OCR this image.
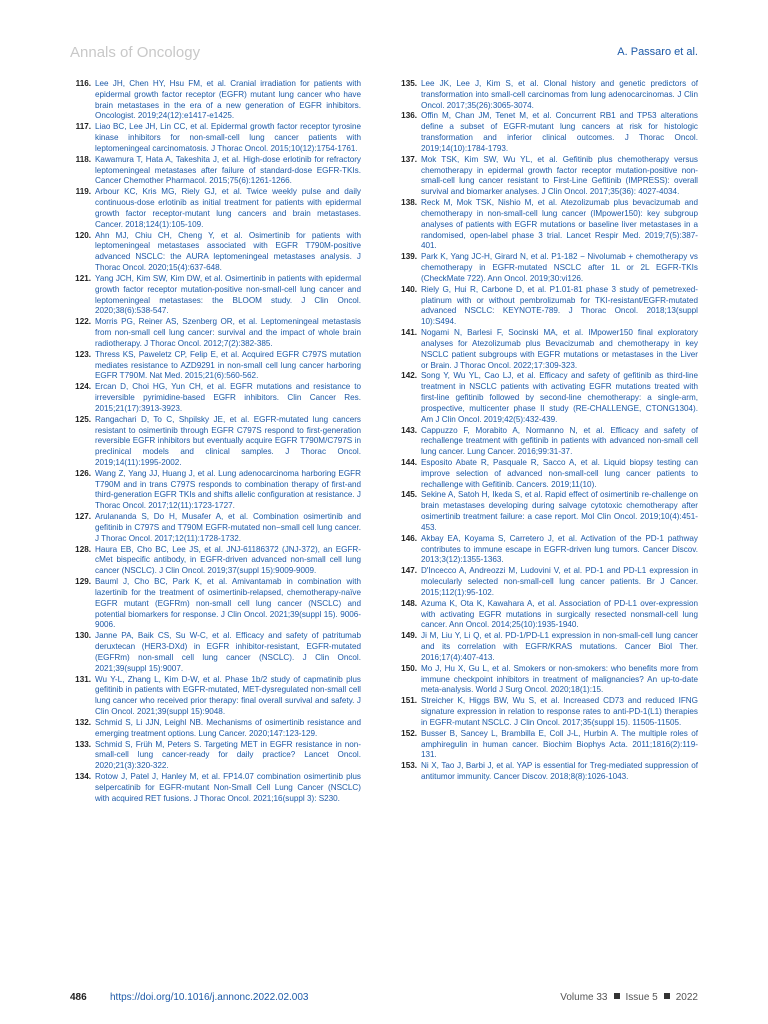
Annals of Oncology	A. Passaro et al.
116. Lee JH, Chen HY, Hsu FM, et al. Cranial irradiation for patients with epidermal growth factor receptor (EGFR) mutant lung cancer who have brain metastases in the era of a new generation of EGFR inhibitors. Oncologist. 2019;24(12):e1417-e1425.
117. Liao BC, Lee JH, Lin CC, et al. Epidermal growth factor receptor tyrosine kinase inhibitors for non-small-cell lung cancer patients with leptomeningeal carcinomatosis. J Thorac Oncol. 2015;10(12):1754-1761.
118. Kawamura T, Hata A, Takeshita J, et al. High-dose erlotinib for refractory leptomeningeal metastases after failure of standard-dose EGFR-TKIs. Cancer Chemother Pharmacol. 2015;75(6):1261-1266.
119. Arbour KC, Kris MG, Riely GJ, et al. Twice weekly pulse and daily continuous-dose erlotinib as initial treatment for patients with epidermal growth factor receptor-mutant lung cancers and brain metastases. Cancer. 2018;124(1):105-109.
120. Ahn MJ, Chiu CH, Cheng Y, et al. Osimertinib for patients with leptomeningeal metastases associated with EGFR T790M-positive advanced NSCLC: the AURA leptomeningeal metastases analysis. J Thorac Oncol. 2020;15(4):637-648.
121. Yang JCH, Kim SW, Kim DW, et al. Osimertinib in patients with epidermal growth factor receptor mutation-positive non-small-cell lung cancer and leptomeningeal metastases: the BLOOM study. J Clin Oncol. 2020;38(6):538-547.
122. Morris PG, Reiner AS, Szenberg OR, et al. Leptomeningeal metastasis from non-small cell lung cancer: survival and the impact of whole brain radiotherapy. J Thorac Oncol. 2012;7(2):382-385.
123. Thress KS, Paweletz CP, Felip E, et al. Acquired EGFR C797S mutation mediates resistance to AZD9291 in non-small cell lung cancer harboring EGFR T790M. Nat Med. 2015;21(6):560-562.
124. Ercan D, Choi HG, Yun CH, et al. EGFR mutations and resistance to irreversible pyrimidine-based EGFR inhibitors. Clin Cancer Res. 2015;21(17):3913-3923.
125. Rangachari D, To C, Shpilsky JE, et al. EGFR-mutated lung cancers resistant to osimertinib through EGFR C797S respond to first-generation reversible EGFR inhibitors but eventually acquire EGFR T790M/C797S in preclinical models and clinical samples. J Thorac Oncol. 2019;14(11):1995-2002.
126. Wang Z, Yang JJ, Huang J, et al. Lung adenocarcinoma harboring EGFR T790M and in trans C797S responds to combination therapy of first-and third-generation EGFR TKIs and shifts allelic configuration at resistance. J Thorac Oncol. 2017;12(11):1723-1727.
127. Arulananda S, Do H, Musafer A, et al. Combination osimertinib and gefitinib in C797S and T790M EGFR-mutated non−small cell lung cancer. J Thorac Oncol. 2017;12(11):1728-1732.
128. Haura EB, Cho BC, Lee JS, et al. JNJ-61186372 (JNJ-372), an EGFR-cMet bispecific antibody, in EGFR-driven advanced non-small cell lung cancer (NSCLC). J Clin Oncol. 2019;37(suppl 15):9009-9009.
129. Bauml J, Cho BC, Park K, et al. Amivantamab in combination with lazertinib for the treatment of osimertinib-relapsed, chemotherapy-naïve EGFR mutant (EGFRm) non-small cell lung cancer (NSCLC) and potential biomarkers for response. J Clin Oncol. 2021;39(suppl 15). 9006-9006.
130. Janne PA, Baik CS, Su W-C, et al. Efficacy and safety of patritumab deruxtecan (HER3-DXd) in EGFR inhibitor-resistant, EGFR-mutated (EGFRm) non-small cell lung cancer (NSCLC). J Clin Oncol. 2021;39(suppl 15):9007.
131. Wu Y-L, Zhang L, Kim D-W, et al. Phase 1b/2 study of capmatinib plus gefitinib in patients with EGFR-mutated, MET-dysregulated non-small cell lung cancer who received prior therapy: final overall survival and safety. J Clin Oncol. 2021;39(suppl 15):9048.
132. Schmid S, Li JJN, Leighl NB. Mechanisms of osimertinib resistance and emerging treatment options. Lung Cancer. 2020;147:123-129.
133. Schmid S, Früh M, Peters S. Targeting MET in EGFR resistance in non-small-cell lung cancer-ready for daily practice? Lancet Oncol. 2020;21(3):320-322.
134. Rotow J, Patel J, Hanley M, et al. FP14.07 combination osimertinib plus selpercatinib for EGFR-mutant Non-Small Cell Lung Cancer (NSCLC) with acquired RET fusions. J Thorac Oncol. 2021;16(suppl 3): S230.
135. Lee JK, Lee J, Kim S, et al. Clonal history and genetic predictors of transformation into small-cell carcinomas from lung adenocarcinomas. J Clin Oncol. 2017;35(26):3065-3074.
136. Offin M, Chan JM, Tenet M, et al. Concurrent RB1 and TP53 alterations define a subset of EGFR-mutant lung cancers at risk for histologic transformation and inferior clinical outcomes. J Thorac Oncol. 2019;14(10):1784-1793.
137. Mok TSK, Kim SW, Wu YL, et al. Gefitinib plus chemotherapy versus chemotherapy in epidermal growth factor receptor mutation-positive non-small-cell lung cancer resistant to First-Line Gefitinib (IMPRESS): overall survival and biomarker analyses. J Clin Oncol. 2017;35(36): 4027-4034.
138. Reck M, Mok TSK, Nishio M, et al. Atezolizumab plus bevacizumab and chemotherapy in non-small-cell lung cancer (IMpower150): key subgroup analyses of patients with EGFR mutations or baseline liver metastases in a randomised, open-label phase 3 trial. Lancet Respir Med. 2019;7(5):387-401.
139. Park K, Yang JC-H, Girard N, et al. P1-182 − Nivolumab + chemotherapy vs chemotherapy in EGFR-mutated NSCLC after 1L or 2L EGFR-TKIs (CheckMate 722). Ann Oncol. 2019;30:vi126.
140. Riely G, Hui R, Carbone D, et al. P1.01-81 phase 3 study of pemetrexed-platinum with or without pembrolizumab for TKI-resistant/EGFR-mutated advanced NSCLC: KEYNOTE-789. J Thorac Oncol. 2018;13(suppl 10):S494.
141. Nogami N, Barlesi F, Socinski MA, et al. IMpower150 final exploratory analyses for Atezolizumab plus Bevacizumab and chemotherapy in key NSCLC patient subgroups with EGFR mutations or metastases in the Liver or Brain. J Thorac Oncol. 2022;17:309-323.
142. Song Y, Wu YL, Cao LJ, et al. Efficacy and safety of gefitinib as third-line treatment in NSCLC patients with activating EGFR mutations treated with first-line gefitinib followed by second-line chemotherapy: a single-arm, prospective, multicenter phase II study (RE-CHALLENGE, CTONG1304). Am J Clin Oncol. 2019;42(5):432-439.
143. Cappuzzo F, Morabito A, Normanno N, et al. Efficacy and safety of rechallenge treatment with gefitinib in patients with advanced non-small cell lung cancer. Lung Cancer. 2016;99:31-37.
144. Esposito Abate R, Pasquale R, Sacco A, et al. Liquid biopsy testing can improve selection of advanced non-small-cell lung cancer patients to rechallenge with Gefitinib. Cancers. 2019;11(10).
145. Sekine A, Satoh H, Ikeda S, et al. Rapid effect of osimertinib re-challenge on brain metastases developing during salvage cytotoxic chemotherapy after osimertinib treatment failure: a case report. Mol Clin Oncol. 2019;10(4):451-453.
146. Akbay EA, Koyama S, Carretero J, et al. Activation of the PD-1 pathway contributes to immune escape in EGFR-driven lung tumors. Cancer Discov. 2013;3(12):1355-1363.
147. D'Incecco A, Andreozzi M, Ludovini V, et al. PD-1 and PD-L1 expression in molecularly selected non-small-cell lung cancer patients. Br J Cancer. 2015;112(1):95-102.
148. Azuma K, Ota K, Kawahara A, et al. Association of PD-L1 over-expression with activating EGFR mutations in surgically resected nonsmall-cell lung cancer. Ann Oncol. 2014;25(10):1935-1940.
149. Ji M, Liu Y, Li Q, et al. PD-1/PD-L1 expression in non-small-cell lung cancer and its correlation with EGFR/KRAS mutations. Cancer Biol Ther. 2016;17(4):407-413.
150. Mo J, Hu X, Gu L, et al. Smokers or non-smokers: who benefits more from immune checkpoint inhibitors in treatment of malignancies? An up-to-date meta-analysis. World J Surg Oncol. 2020;18(1):15.
151. Streicher K, Higgs BW, Wu S, et al. Increased CD73 and reduced IFNG signature expression in relation to response rates to anti-PD-1(L1) therapies in EGFR-mutant NSCLC. J Clin Oncol. 2017;35(suppl 15). 11505-11505.
152. Busser B, Sancey L, Brambilla E, Coll J-L, Hurbin A. The multiple roles of amphiregulin in human cancer. Biochim Biophys Acta. 2011;1816(2):119-131.
153. Ni X, Tao J, Barbi J, et al. YAP is essential for Treg-mediated suppression of antitumor immunity. Cancer Discov. 2018;8(8):1026-1043.
486 https://doi.org/10.1016/j.annonc.2022.02.003	Volume 33 Issue 5 2022
